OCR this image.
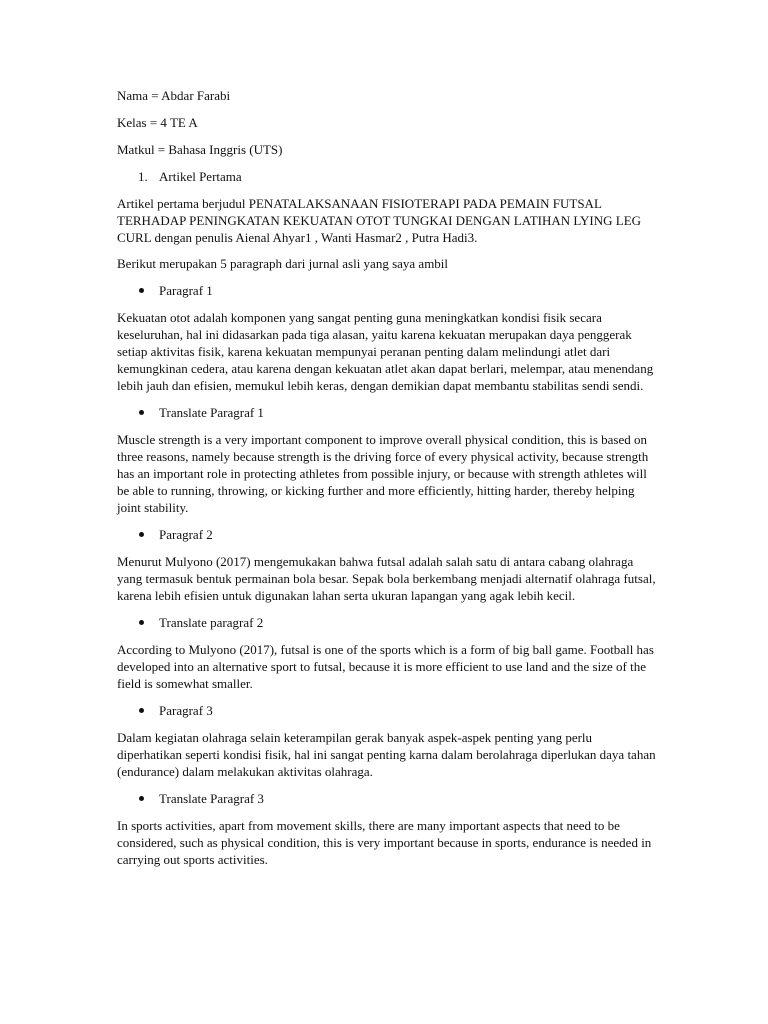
Nama = Abdar Farabi

Kelas = 4 TE A

Matkul = Bahasa Inggris (UTS)

1. Artikel Pertama

Artikel pertama berjudul PENATALAKSANAAN FISIOTERAPI PADA PEMAIN FUTSAL TERHADAP PENINGKATAN KEKUATAN OTOT TUNGKAI DENGAN LATIHAN LYING LEG CURL dengan penulis Aienal Ahyar1 , Wanti Hasmar2 , Putra Hadi3.

Berikut merupakan 5 paragraph dari jurnal asli yang saya ambil

Paragraf 1

Kekuatan otot adalah komponen yang sangat penting guna meningkatkan kondisi fisik secara keseluruhan, hal ini didasarkan pada tiga alasan, yaitu karena kekuatan merupakan daya penggerak setiap aktivitas fisik, karena kekuatan mempunyai peranan penting dalam melindungi atlet dari kemungkinan cedera, atau karena dengan kekuatan atlet akan dapat berlari, melempar, atau menendang lebih jauh dan efisien, memukul lebih keras, dengan demikian dapat membantu stabilitas sendi sendi.

Translate Paragraf 1

Muscle strength is a very important component to improve overall physical condition, this is based on three reasons, namely because strength is the driving force of every physical activity, because strength has an important role in protecting athletes from possible injury, or because with strength athletes will be able to running, throwing, or kicking further and more efficiently, hitting harder, thereby helping joint stability.

Paragraf 2

Menurut Mulyono (2017) mengemukakan bahwa futsal adalah salah satu di antara cabang olahraga yang termasuk bentuk permainan bola besar. Sepak bola berkembang menjadi alternatif olahraga futsal, karena lebih efisien untuk digunakan lahan serta ukuran lapangan yang agak lebih kecil.

Translate paragraf 2

According to Mulyono (2017), futsal is one of the sports which is a form of big ball game. Football has developed into an alternative sport to futsal, because it is more efficient to use land and the size of the field is somewhat smaller.

Paragraf 3

Dalam kegiatan olahraga selain keterampilan gerak banyak aspek-aspek penting yang perlu diperhatikan seperti kondisi fisik, hal ini sangat penting karna dalam berolahraga diperlukan daya tahan (endurance) dalam melakukan aktivitas olahraga.

Translate Paragraf 3

In sports activities, apart from movement skills, there are many important aspects that need to be considered, such as physical condition, this is very important because in sports, endurance is needed in carrying out sports activities.
